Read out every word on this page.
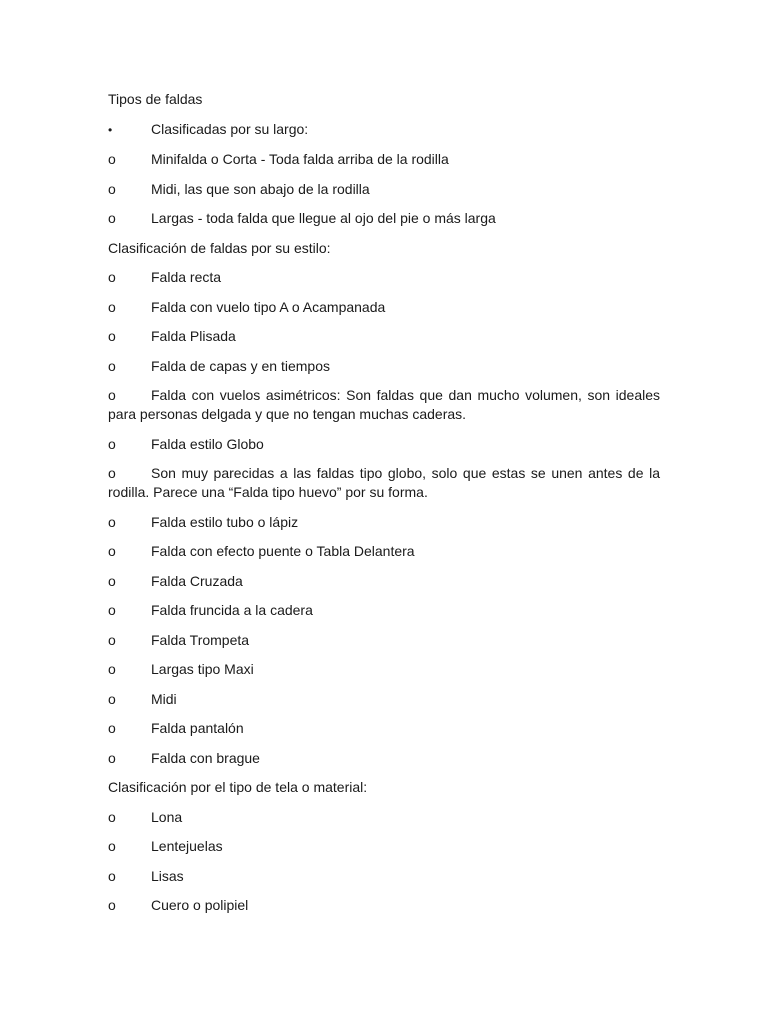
Tipos de faldas
•	Clasificadas por su largo:
o	Minifalda o Corta - Toda falda arriba de la rodilla
o	Midi, las que son abajo de la rodilla
o	Largas - toda falda que llegue al ojo del pie o más larga
Clasificación de faldas por su estilo:
o	Falda recta
o	Falda con vuelo tipo A o Acampanada
o	Falda Plisada
o	Falda de capas y en tiempos
o	Falda con vuelos asimétricos: Son faldas que dan mucho volumen, son ideales para personas delgada y que no tengan muchas caderas.
o	Falda estilo Globo
o	Son muy parecidas a las faldas tipo globo, solo que estas se unen antes de la rodilla. Parece una “Falda tipo huevo” por su forma.
o	Falda estilo tubo o lápiz
o	Falda con efecto puente o Tabla Delantera
o	Falda Cruzada
o	Falda fruncida a la cadera
o	Falda Trompeta
o	Largas tipo Maxi
o	Midi
o	Falda pantalón
o	Falda con brague
Clasificación por el tipo de tela o material:
o	Lona
o	Lentejuelas
o	Lisas
o	Cuero o polipiel
